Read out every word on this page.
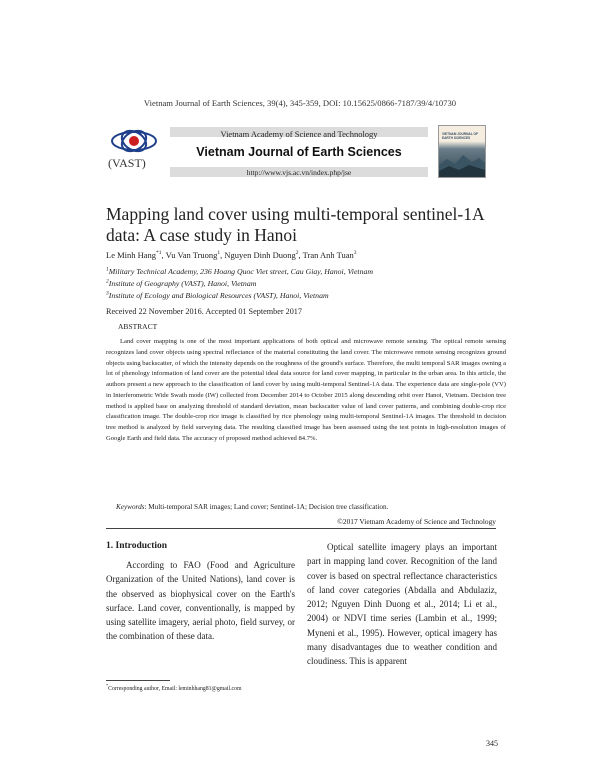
Vietnam Journal of Earth Sciences, 39(4), 345-359, DOI: 10.15625/0866-7187/39/4/10730
(VAST)
Vietnam Academy of Science and Technology
Vietnam Journal of Earth Sciences
http://www.vjs.ac.vn/index.php/jse
VIETNAM JOURNAL OF EARTH SCIENCES
Mapping land cover using multi-temporal sentinel-1A
data: A case study in Hanoi
Le Minh Hang$^{*1}$, Vu Van Truong$^1$, Nguyen Dinh Duong$^2$, Tran Anh Tuan$^3$
$^1$Military Technical Academy, 236 Hoang Quoc Viet street, Cau Giay, Hanoi, Vietnam
$^2$Institute of Geography (VAST), Hanoi, Vietnam
$^3$Institute of Ecology and Biological Resources (VAST), Hanoi, Vietnam
Received 22 November 2016. Accepted 01 September 2017
ABSTRACT
Land cover mapping is one of the most important applications of both optical and microwave remote sensing. The optical remote sensing recognizes land cover objects using spectral reflectance of the material constituting the land cover. The microwave remote sensing recognizes ground objects using backscatter, of which the intensity depends on the roughness of the ground's surface. Therefore, the multi temporal SAR images owning a lot of phenology information of land cover are the potential ideal data source for land cover mapping, in particular in the urban area. In this article, the authors present a new approach to the classification of land cover by using multi-temporal Sentinel-1A data. The experience data are single-pole (VV) in Interferometric Wide Swath mode (IW) collected from December 2014 to October 2015 along descending orbit over Hanoi, Vietnam. Decision tree method is applied base on analyzing threshold of standard deviation, mean backscatter value of land cover patterns, and combining double-crop rice classification image. The double-crop rice image is classified by rice phenology using multi-temporal Sentinel-1A images. The threshold in decision tree method is analyzed by field surveying data. The resulting classified image has been assessed using the test points in high-resolution images of Google Earth and field data. The accuracy of proposed method achieved 84.7%.
Keywords: Multi-temporal SAR images; Land cover; Sentinel-1A; Decision tree classification.
©2017 Vietnam Academy of Science and Technology
1. Introduction
According to FAO (Food and Agriculture Organization of the United Nations), land cover is the observed as biophysical cover on the Earth's surface. Land cover, conventionally, is mapped by using satellite imagery, aerial photo, field survey, or the combination of these data.
Optical satellite imagery plays an important part in mapping land cover. Recognition of the land cover is based on spectral reflectance characteristics of land cover categories (Abdalla and Abdulaziz, 2012; Nguyen Dinh Duong et al., 2014; Li et al., 2004) or NDVI time series (Lambin et al., 1999; Myneni et al., 1995). However, optical imagery has many disadvantages due to weather condition and cloudiness. This is apparent
*Corresponding author, Email: leminhhang81@gmail.com
345
